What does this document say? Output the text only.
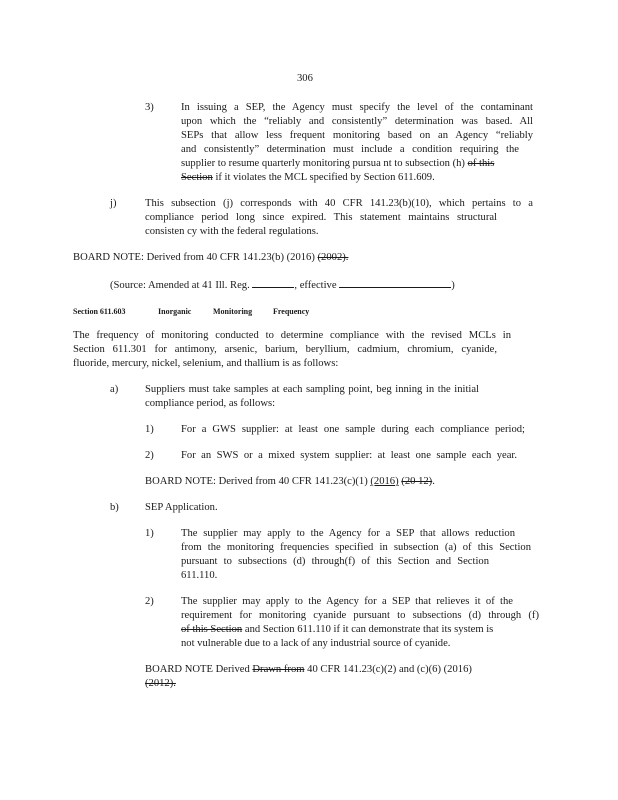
306
3)	In issuing a SEP, the Agency must specify the level of the contaminant
upon which the “reliably and consistently” determination was based. All
SEPs that allow less frequent monitoring based on an Agency “reliably
and consistently” determination must include a condition requiring the
supplier to resume quarterly monitoring pursua nt to subsection (h) of this
Section if it violates the MCL specified by Section 611.609.
j)	This subsection (j) corresponds with 40 CFR 141.23(b)(10), which pertains to a
compliance period long since expired. This statement maintains structural
consisten cy with the federal regulations.
BOARD NOTE: Derived from 40 CFR 141.23(b) (2016) (2002).
(Source: Amended at 41 Ill. Reg.	, effective	)
Section 611.603	Inorganic	Monitoring	Frequency
The frequency of monitoring conducted to determine compliance with the revised MCLs in
Section 611.301 for antimony, arsenic, barium, beryllium, cadmium, chromium, cyanide,
fluoride, mercury, nickel, selenium, and thallium is as follows:
a)	Suppliers must take samples at each sampling point, beg inning in the initial
compliance period, as follows:
1)	For a GWS supplier: at least one sample during each compliance period;
2)	For an SWS or a mixed system supplier: at least one sample each year.
BOARD NOTE: Derived from 40 CFR 141.23(c)(1) (2016) (20 12).
b) SEP Application.
1)	The supplier may apply to the Agency for a SEP that allows reduction
from the monitoring frequencies specified in subsection (a) of this Section
pursuant to subsections (d) through(f) of this Section and Section
611.110.
2)	The supplier may apply to the Agency for a SEP that relieves it of the
requirement for monitoring cyanide pursuant to subsections (d) through (f)
of this Section and Section 611.110 if it can demonstrate that its system is
not vulnerable due to a lack of any industrial source of cyanide.
BOARD NOTE Derived Drawn from 40 CFR 141.23(c)(2) and (c)(6) (2016)
(2012).
